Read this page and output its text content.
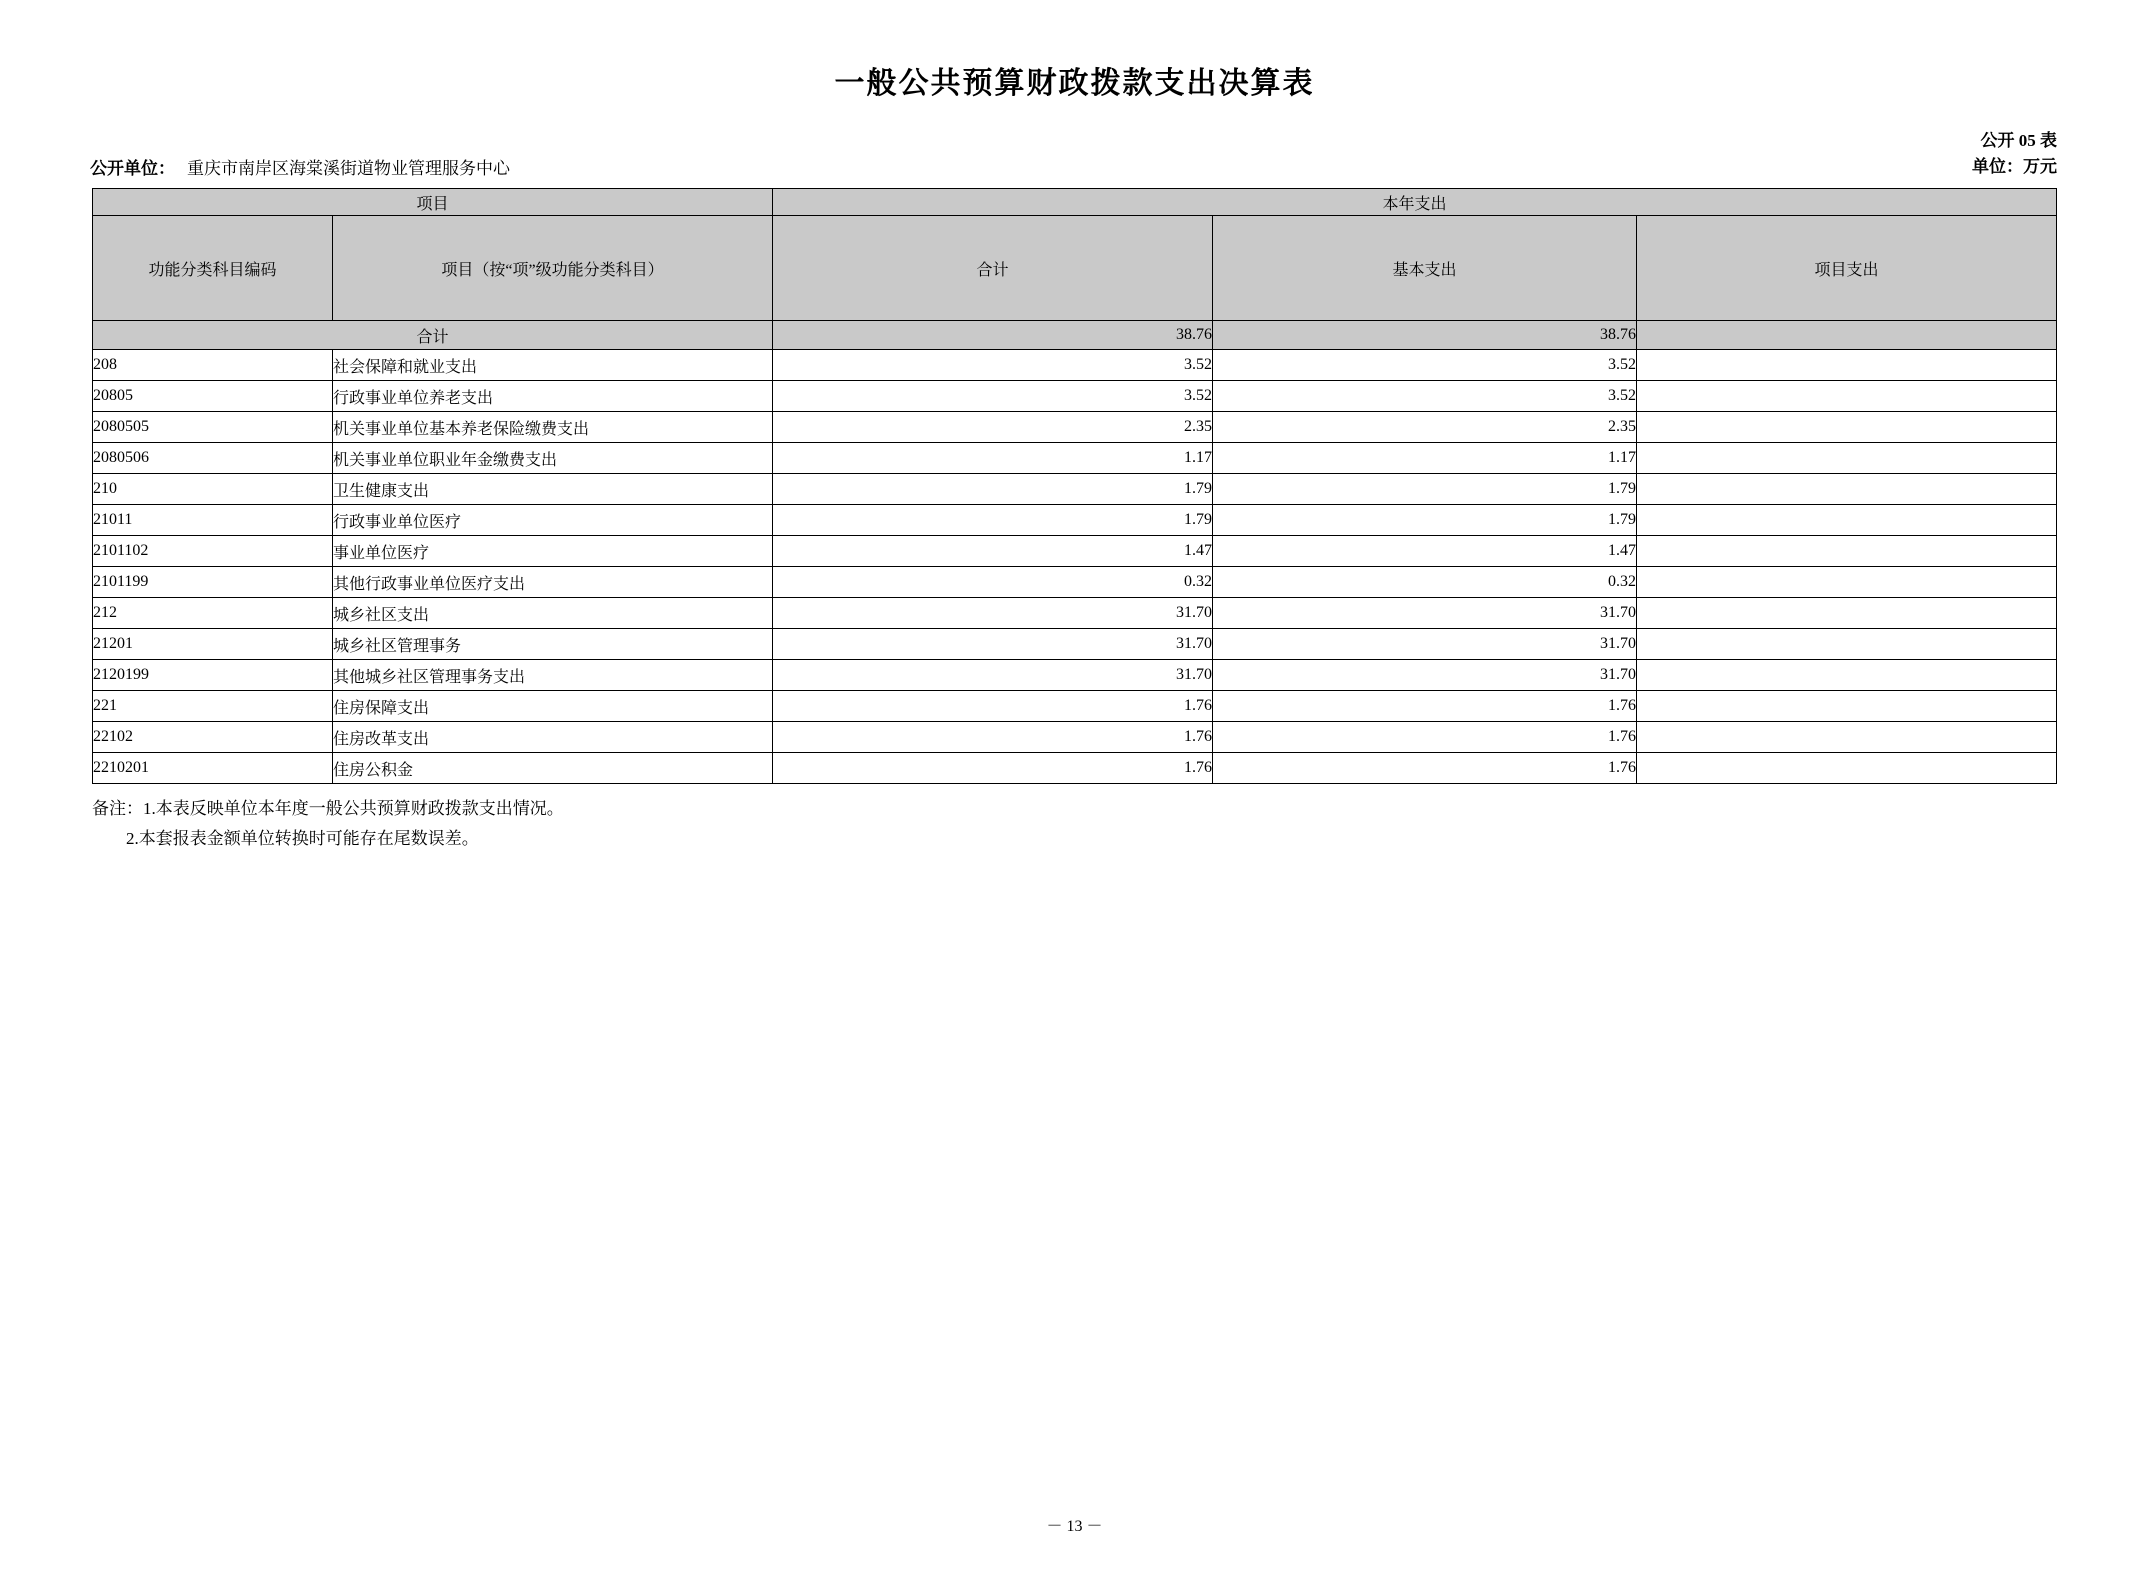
一般公共预算财政拨款支出决算表
公开单位： 重庆市南岸区海棠溪街道物业管理服务中心
公开 05 表
单位：万元
项目		本年支出		
功能分类科目编码	项目（按“项”级功能分类科目）	合计	基本支出	项目支出
合计		38.76	38.76	
208	社会保障和就业支出	3.52	3.52	
20805	行政事业单位养老支出	3.52	3.52	
2080505	机关事业单位基本养老保险缴费支出	2.35	2.35	
2080506	机关事业单位职业年金缴费支出	1.17	1.17	
210	卫生健康支出	1.79	1.79	
21011	行政事业单位医疗	1.79	1.79	
2101102	事业单位医疗	1.47	1.47	
2101199	其他行政事业单位医疗支出	0.32	0.32	
212	城乡社区支出	31.70	31.70	
21201	城乡社区管理事务	31.70	31.70	
2120199	其他城乡社区管理事务支出	31.70	31.70	
221	住房保障支出	1.76	1.76	
22102	住房改革支出	1.76	1.76	
2210201	住房公积金	1.76	1.76	
备注：1.本表反映单位本年度一般公共预算财政拨款支出情况。
2.本套报表金额单位转换时可能存在尾数误差。
－ 13 －
